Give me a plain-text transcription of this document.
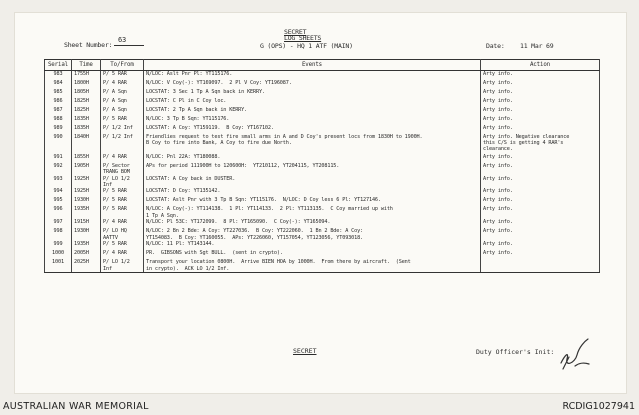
SECRET
LOG SHEETS
G (OPS) - HQ 1 ATF (MAIN)
Sheet Number:
63
Date: 11 Mar 69
Serial	Time	To/From	Events	Action
983	1755H	P/ 5 RAR	N/LOC: Aslt Pnr Pl: YT115176.	Arty info.
984	1800H	P/ 4 RAR	N/LOC: V Coy(-): YT169097.  2 Pl V Coy: YT196087.	Arty info.
985	1805H	P/ A Sqn	LOCSTAT: 3 Sec 1 Tp A Sqn back in KERRY.	Arty info.
986	1825H	P/ A Sqn	LOCSTAT: C Pl in C Coy loc.	Arty info.
987	1825H	P/ A Sqn	LOCSTAT: 2 Tp A Sqn back in KERRY.	Arty info.
988	1835H	P/ 5 RAR	N/LOC: 3 Tp B Sqn: YT115176.	Arty info.
989	1835H	P/ 1/2 Inf	LOCSTAT: A Coy: YT159119.  B Coy: YT167102.	Arty info.
990	1840H	P/ 1/2 Inf	Friendlies request to test fire small arms in A and D Coy's present locs from 1830H to 1900H.
B Coy to fire into Bank, A Coy to fire due North.	Arty info. Negative clearance
this C/S is getting 4 RAR's
clearance.
991	1855H	P/ 4 RAR	N/LOC: Pnl 22A: YT180088.	Arty info.
992	1905H	P/ Sector
TRANG BOM	APs for period 111900H to 120600H:  YT210112, YT204115, YT208115.	Arty info.
993	1925H	P/ LO 1/2 Inf	LOCSTAT: A Coy back in DUSTER.	Arty info.
994	1925H	P/ 5 RAR	LOCSTAT: D Coy: YT135142.	Arty info.
995	1930H	P/ 5 RAR	LOCSTAT: Aslt Pnr with 3 Tp B Sqn: YT115176.  N/LOC: D Coy less 6 Pl: YT127146.	Arty info.
996	1935H	P/ 5 RAR	N/LOC: A Coy(-): YT114138.  1 Pl: YT114133.  2 Pl: YT113135.  C Coy married up with
1 Tp A Sqn.	Arty info.
997	1915H	P/ 4 RAR	N/LOC: Pl 53C: YT172099.  8 Pl: YT165090.  C Coy(-): YT165094.	Arty info.
998	1930H	P/ LO HQ AATTV	N/LOC: 2 Bn 2 Bde: A Coy: YT227036.  B Coy: YT222060.  1 Bn 2 Bde: A Coy:
YT154083.  B Coy: YT160055.  APs: YT226060, YT157054, YT123056, YT093018.	Arty info.
999	1935H	P/ 5 RAR	N/LOC: 11 Pl: YT143144.	Arty info.
1000	2005H	P/ 4 RAR	PR.  GIBSONS with Sgt BULL.  (sent in crypto).	Arty info.
1001	2025H	P/ LO 1/2 Inf	Transport your location 0800H.  Arrive BIEN HOA by 1000H.  From there by aircraft.  (Sent
in crypto).  ACK LO 1/2 Inf.	
SECRET	Duty Officer's Init:
AUSTRALIAN WAR MEMORIAL	RCDIG1027941
